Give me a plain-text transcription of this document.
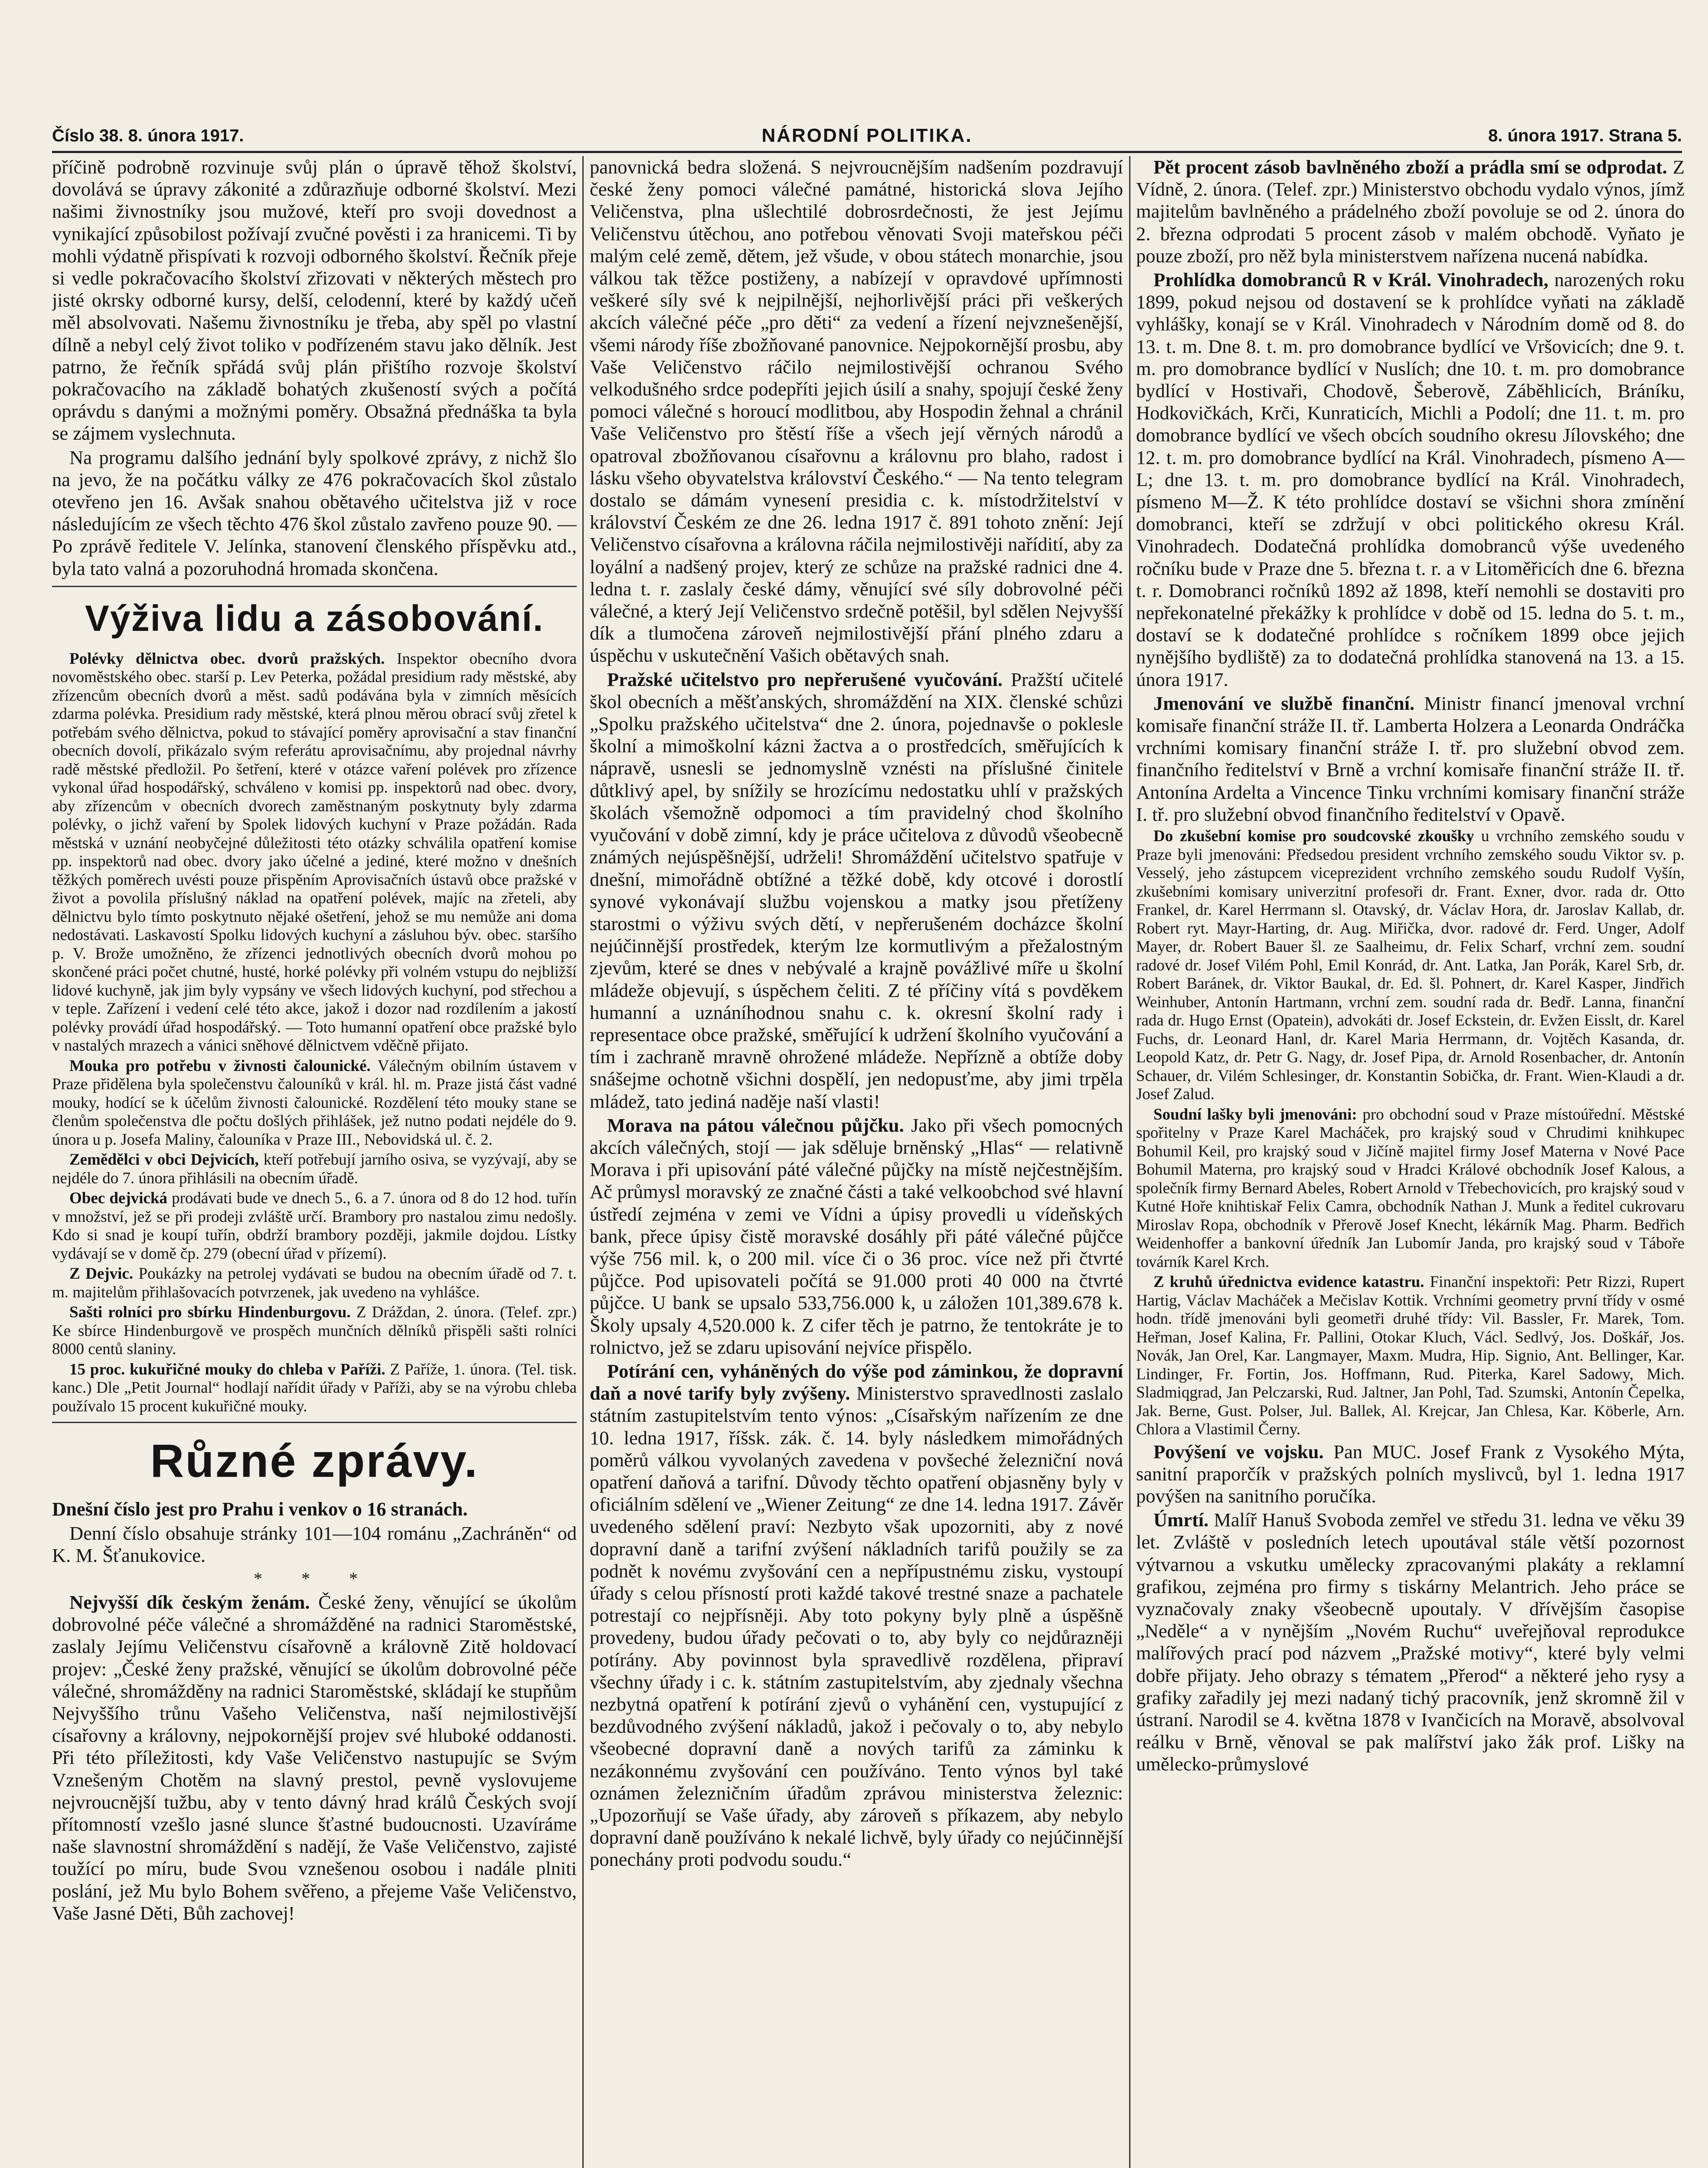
Číslo 38. 8. února 1917.	NÁRODNÍ POLITIKA.	8. února 1917. Strana 5.

příčině podrobně rozvinuje svůj plán o úpravě těhož školství, dovolává se úpravy zákonité a zdůrazňuje odborné školství. Mezi našimi živnostníky jsou mužové, kteří pro svoji dovednost a vynikající způsobilost požívají zvučné pověsti i za hranicemi. Ti by mohli výdatně přispívati k rozvoji odborného školství. Řečník přeje si vedle pokračovacího školství zřizovati v některých městech pro jisté okrsky odborné kursy, delší, celodenní, které by každý učeň měl absolvovati. Našemu živnostníku je třeba, aby spěl po vlastní dílně a nebyl celý život toliko v podřízeném stavu jako dělník. Jest patrno, že řečník spřádá svůj plán přištího rozvoje školství pokračovacího na základě bohatých zkušeností svých a počítá oprávdu s danými a možnými poměry. Obsažná přednáška ta byla se zájmem vyslechnuta.

Na programu dalšího jednání byly spolkové zprávy, z nichž šlo na jevo, že na počátku války ze 476 pokračovacích škol zůstalo otevřeno jen 16. Avšak snahou obětavého učitelstva již v roce následujícím ze všech těchto 476 škol zůstalo zavřeno pouze 90. — Po zprávě ředitele V. Jelínka, stanovení členského příspěvku atd., byla tato valná a pozoruhodná hromada skončena.

Výživa lidu a zásobování.

Polévky dělnictva obec. dvorů pražských. Inspektor obecního dvora novoměstského obec. starší p. Lev Peterka, požádal presidium rady městské, aby zřízencům obecních dvorů a měst. sadů podávána byla v zimních měsících zdarma polévka. Presidium rady městské, která plnou měrou obrací svůj zřetel k potřebám svého dělnictva, pokud to stávající poměry aprovisační a stav finanční obecních dovolí, přikázalo svým referátu aprovisačnímu, aby projednal návrhy radě městské předložil. Po šetření, které v otázce vaření polévek pro zřízence vykonal úřad hospodářský, schváleno v komisi pp. inspektorů nad obec. dvory, aby zřízencům v obecních dvorech zaměstnaným poskytnuty byly zdarma polévky, o jichž vaření by Spolek lidových kuchyní v Praze požádán. Rada městská v uznání neobyčejné důležitosti této otázky schválila opatření komise pp. inspektorů nad obec. dvory jako účelné a jediné, které možno v dnešních těžkých poměrech uvésti pouze přispěním Aprovisačních ústavů obce pražské v život a povolila příslušný náklad na opatření polévek, majíc na zřeteli, aby dělnictvu bylo tímto poskytnuto nějaké ošetření, jehož se mu nemůže ani doma nedostávati. Laskavostí Spolku lidových kuchyní a zásluhou býv. obec. staršího p. V. Brože umožněno, že zřízenci jednotlivých obecních dvorů mohou po skončené práci počet chutné, husté, horké polévky při volném vstupu do nejbližší lidové kuchyně, jak jim byly vypsány ve všech lidových kuchyní, pod střechou a v teple. Zařízení i vedení celé této akce, jakož i dozor nad rozdílením a jakostí polévky provádí úřad hospodářský. — Toto humanní opatření obce pražské bylo v nastalých mrazech a vánici sněhové dělnictvem vděčně přijato.

Mouka pro potřebu v živnosti čalounické. Válečným obilním ústavem v Praze přidělena byla společenstvu čalouníků v král. hl. m. Praze jistá část vadné mouky, hodící se k účelům živnosti čalounické. Rozdělení této mouky stane se členům společenstva dle počtu došlých přihlášek, jež nutno podati nejdéle do 9. února u p. Josefa Maliny, čalouníka v Praze III., Nebovidská ul. č. 2.

Zemědělci v obci Dejvicích, kteří potřebují jarního osiva, se vyzývají, aby se nejdéle do 7. února přihlásili na obecním úřadě.

Obec dejvická prodávati bude ve dnech 5., 6. a 7. února od 8 do 12 hod. tuřín v množství, jež se při prodeji zvláště určí. Brambory pro nastalou zimu nedošly. Kdo si snad je koupí tuřín, obdrží brambory později, jakmile dojdou. Lístky vydávají se v domě čp. 279 (obecní úřad v přízemí).

Z Dejvic. Poukázky na petrolej vydávati se budou na obecním úřadě od 7. t. m. majitelům přihlašovacích potvrzenek, jak uvedeno na vyhlášce.

Sašti rolníci pro sbírku Hindenburgovu. Z Dráždan, 2. února. (Telef. zpr.) Ke sbírce Hindenburgově ve prospěch munčních dělníků přispěli sašti rolníci 8000 centů slaniny.

15 proc. kukuřičné mouky do chleba v Paříži. Z Paříže, 1. února. (Tel. tisk. kanc.) Dle „Petit Journal“ hodlají nařídit úřady v Paříži, aby se na výrobu chleba používalo 15 procent kukuřičné mouky.

Různé zprávy.

Dnešní číslo jest pro Prahu i venkov o 16 stranách.

Denní číslo obsahuje stránky 101—104 románu „Zachráněn“ od K. M. Šťanukovice.

* * *

Nejvyšší dík českým ženám. České ženy, věnující se úkolům dobrovolné péče válečné a shromážděné na radnici Staroměstské, zaslaly Jejímu Veličenstvu císařovně a královně Zitě holdovací projev: „České ženy pražské, věnující se úkolům dobrovolné péče válečné, shromážděny na radnici Staroměstské, skládají ke stupňům Nejvyššího trůnu Vašeho Veličenstva, naší nejmilostivější císařovny a královny, nejpokornější projev své hluboké oddanosti. Při této příležitosti, kdy Vaše Veličenstvo nastupujíc se Svým Vznešeným Chotěm na slavný prestol, pevně vyslovujeme nejvroucnější tužbu, aby v tento dávný hrad králů Českých svojí přítomností vzešlo jasné slunce šťastné budoucnosti. Uzavíráme naše slavnostní shromáždění s nadějí, že Vaše Veličenstvo, zajisté toužící po míru, bude Svou vznešenou osobou i nadále plniti poslání, jež Mu bylo Bohem svěřeno, a přejeme Vaše Veličenstvo, Vaše Jasné Děti, Bůh zachovej!

panovnická bedra složená. S nejvroucnějším nadšením pozdravují české ženy pomoci válečné památné, historická slova Jejího Veličenstva, plna ušlechtilé dobrosrdečnosti, že jest Jejímu Veličenstvu útěchou, ano potřebou věnovati Svoji mateřskou péči malým celé země, dětem, jež všude, v obou státech monarchie, jsou válkou tak těžce postiženy, a nabízejí v opravdové upřímnosti veškeré síly své k nejpilnější, nejhorlivější práci při veškerých akcích válečné péče „pro děti“ za vedení a řízení nejvznešenější, všemi národy říše zbožňované panovnice. Nejpokornější prosbu, aby Vaše Veličenstvo ráčilo nejmilostivější ochranou Svého velkodušného srdce podepříti jejich úsilí a snahy, spojují české ženy pomoci válečné s horoucí modlitbou, aby Hospodin žehnal a chránil Vaše Veličenstvo pro štěstí říše a všech její věrných národů a opatroval zbožňovanou císařovnu a královnu pro blaho, radost i lásku všeho obyvatelstva království Českého.“ — Na tento telegram dostalo se dámám vynesení presidia c. k. místodržitelství v království Českém ze dne 26. ledna 1917 č. 891 tohoto znění: Její Veličenstvo císařovna a královna ráčila nejmilostivěji nařídití, aby za loyální a nadšený projev, který ze schůze na pražské radnici dne 4. ledna t. r. zaslaly české dámy, věnující své síly dobrovolné péči válečné, a který Její Veličenstvo srdečně potěšil, byl sdělen Nejvyšší dík a tlumočena zároveň nejmilostivější přání plného zdaru a úspěchu v uskutečnění Vašich obětavých snah.

Pražské učitelstvo pro nepřerušené vyučování. Pražští učitelé škol obecních a měšťanských, shromáždění na XIX. členské schůzi „Spolku pražského učitelstva“ dne 2. února, pojednavše o poklesle školní a mimoškolní kázni žactva a o prostředcích, směřujících k nápravě, usnesli se jednomyslně vznésti na příslušné činitele důtklivý apel, by snížily se hrozícímu nedostatku uhlí v pražských školách všemožně odpomoci a tím pravidelný chod školního vyučování v době zimní, kdy je práce učitelova z důvodů všeobecně známých nejúspěšnější, udrželi! Shromáždění učitelstvo spatřuje v dnešní, mimořádně obtížné a těžké době, kdy otcové i dorostlí synové vykonávají službu vojenskou a matky jsou přetíženy starostmi o výživu svých dětí, v nepřerušeném docházce školní nejúčinnější prostředek, kterým lze kormutlivým a přežalostným zjevům, které se dnes v nebývalé a krajně povážlivé míře u školní mládeže objevují, s úspěchem čeliti. Z té příčiny vítá s povděkem humanní a uznáníhodnou snahu c. k. okresní školní rady i representace obce pražské, směřující k udržení školního vyučování a tím i zachraně mravně ohrožené mládeže. Nepřízně a obtíže doby snášejme ochotně všichni dospělí, jen nedopusťme, aby jimi trpěla mládež, tato jediná naděje naší vlasti!

Morava na pátou válečnou půjčku. Jako při všech pomocných akcích válečných, stojí — jak sděluje brněnský „Hlas“ — relativně Morava i při upisování páté válečné půjčky na místě nejčestnějším. Ač průmysl moravský ze značné části a také velkoobchod své hlavní ústředí zejména v zemi ve Vídni a úpisy provedli u vídeňských bank, přece úpisy čistě moravské dosáhly při páté válečné půjčce výše 756 mil. k, o 200 mil. více či o 36 proc. více než při čtvrté půjčce. Pod upisovateli počítá se 91.000 proti 40 000 na čtvrté půjčce. U bank se upsalo 533,756.000 k, u záložen 101,389.678 k. Školy upsaly 4,520.000 k. Z cifer těch je patrno, že tentokráte je to rolnictvo, jež se zdaru upisování nejvíce přispělo.

Potírání cen, vyháněných do výše pod záminkou, že dopravní daň a nové tarify byly zvýšeny. Ministerstvo spravedlnosti zaslalo státním zastupitelstvím tento výnos: „Císařským nařízením ze dne 10. ledna 1917, říšsk. zák. č. 14. byly následkem mimořádných poměrů válkou vyvolaných zavedena v povšeché železniční nová opatření daňová a tarifní. Důvody těchto opatření objasněny byly v oficiálním sdělení ve „Wiener Zeitung“ ze dne 14. ledna 1917. Závěr uvedeného sdělení praví: Nezbyto však upozorniti, aby z nové dopravní daně a tarifní zvýšení nákladních tarifů použily se za podnět k novému zvyšování cen a nepřípustnému zisku, vystoupí úřady s celou přísností proti každé takové trestné snaze a pachatele potrestají co nejpřísněji. Aby toto pokyny byly plně a úspěšně provedeny, budou úřady pečovati o to, aby byly co nejdůrazněji potírány. Aby povinnost byla spravedlivě rozdělena, připraví všechny úřady i c. k. státním zastupitelstvím, aby zjednaly všechna nezbytná opatření k potírání zjevů o vyhánění cen, vystupující z bezdůvodného zvýšení nákladů, jakož i pečovaly o to, aby nebylo všeobecné dopravní daně a nových tarifů za záminku k nezákonnému zvyšování cen používáno. Tento výnos byl také oznámen železničním úřadům zprávou ministerstva železnic: „Upozorňují se Vaše úřady, aby zároveň s příkazem, aby nebylo dopravní daně používáno k nekalé lichvě, byly úřady co nejúčinnější ponechány proti podvodu soudu.“

Pět procent zásob bavlněného zboží a prádla smí se odprodat. Z Vídně, 2. února. (Telef. zpr.) Ministerstvo obchodu vydalo výnos, jímž majitelům bavlněného a prádelného zboží povoluje se od 2. února do 2. března odprodati 5 procent zásob v malém obchodě. Vyňato je pouze zboží, pro něž byla ministerstvem nařízena nucená nabídka.

Prohlídka domobranců R v Král. Vinohradech, narozených roku 1899, pokud nejsou od dostavení se k prohlídce vyňati na základě vyhlášky, konají se v Král. Vinohradech v Národním domě od 8. do 13. t. m. Dne 8. t. m. pro domobrance bydlící ve Vršovicích; dne 9. t. m. pro domobrance bydlící v Nuslích; dne 10. t. m. pro domobrance bydlící v Hostivaři, Chodově, Šeberově, Záběhlicích, Bráníku, Hodkovičkách, Krči, Kunraticích, Michli a Podolí; dne 11. t. m. pro domobrance bydlící ve všech obcích soudního okresu Jílovského; dne 12. t. m. pro domobrance bydlící na Král. Vinohradech, písmeno A—L; dne 13. t. m. pro domobrance bydlící na Král. Vinohradech, písmeno M—Ž. K této prohlídce dostaví se všichni shora zmínění domobranci, kteří se zdržují v obci politického okresu Král. Vinohradech. Dodatečná prohlídka domobranců výše uvedeného ročníku bude v Praze dne 5. března t. r. a v Litoměřicích dne 6. března t. r. Domobranci ročníků 1892 až 1898, kteří nemohli se dostaviti pro nepřekonatelné překážky k prohlídce v době od 15. ledna do 5. t. m., dostaví se k dodatečné prohlídce s ročníkem 1899 obce jejich nynějšího bydliště) za to dodatečná prohlídka stanovená na 13. a 15. února 1917.

Jmenování ve službě finanční. Ministr financí jmenoval vrchní komisaře finanční stráže II. tř. Lamberta Holzera a Leonarda Ondráčka vrchními komisary finanční stráže I. tř. pro služební obvod zem. finančního ředitelství v Brně a vrchní komisaře finanční stráže II. tř. Antonína Ardelta a Vincence Tinku vrchními komisary finanční stráže I. tř. pro služební obvod finančního ředitelství v Opavě.

Do zkušební komise pro soudcovské zkoušky u vrchního zemského soudu v Praze byli jmenováni: Předsedou president vrchního zemského soudu Viktor sv. p. Vesselý, jeho zástupcem viceprezident vrchního zemského soudu Rudolf Vyšín, zkušebními komisary univerzitní profesoři dr. Frant. Exner, dvor. rada dr. Otto Frankel, dr. Karel Herrmann sl. Otavský, dr. Václav Hora, dr. Jaroslav Kallab, dr. Robert ryt. Mayr-Harting, dr. Aug. Miřička, dvor. radové dr. Ferd. Unger, Adolf Mayer, dr. Robert Bauer šl. ze Saalheimu, dr. Felix Scharf, vrchní zem. soudní radové dr. Josef Vilém Pohl, Emil Konrád, dr. Ant. Latka, Jan Porák, Karel Srb, dr. Robert Baránek, dr. Viktor Baukal, dr. Ed. šl. Pohnert, dr. Karel Kasper, Jindřich Weinhuber, Antonín Hartmann, vrchní zem. soudní rada dr. Bedř. Lanna, finanční rada dr. Hugo Ernst (Opatein), advokáti dr. Josef Eckstein, dr. Evžen Eisslt, dr. Karel Fuchs, dr. Leonard Hanl, dr. Karel Maria Herrmann, dr. Vojtěch Kasanda, dr. Leopold Katz, dr. Petr G. Nagy, dr. Josef Pipa, dr. Arnold Rosenbacher, dr. Antonín Schauer, dr. Vilém Schlesinger, dr. Konstantin Sobička, dr. Frant. Wien-Klaudi a dr. Josef Zalud.

Soudní lašky byli jmenováni: pro obchodní soud v Praze místoúřední. Městské spořitelny v Praze Karel Macháček, pro krajský soud v Chrudimi knihkupec Bohumil Keil, pro krajský soud v Jičíně majitel firmy Josef Materna v Nové Pace Bohumil Materna, pro krajský soud v Hradci Králové obchodník Josef Kalous, a společník firmy Bernard Abeles, Robert Arnold v Třebechovicích, pro krajský soud v Kutné Hoře knihtiskař Felix Camra, obchodník Nathan J. Munk a ředitel cukrovaru Miroslav Ropa, obchodník v Přerově Josef Knecht, lékárník Mag. Pharm. Bedřich Weidenhoffer a bankovní úředník Jan Lubomír Janda, pro krajský soud v Táboře továrník Karel Krch.

Z kruhů úřednictva evidence katastru. Finanční inspektoři: Petr Rizzi, Rupert Hartig, Václav Macháček a Mečislav Kottik. Vrchními geometry první třídy v osmé hodn. třídě jmenováni byli geometři druhé třídy: Vil. Bassler, Fr. Marek, Tom. Heřman, Josef Kalina, Fr. Pallini, Otokar Kluch, Václ. Sedlvý, Jos. Doškář, Jos. Novák, Jan Orel, Kar. Langmayer, Maxm. Mudra, Hip. Signio, Ant. Bellinger, Kar. Lindinger, Fr. Fortin, Jos. Hoffmann, Rud. Piterka, Karel Sadowy, Mich. Sladmiqgrad, Jan Pelczarski, Rud. Jaltner, Jan Pohl, Tad. Szumski, Antonín Čepelka, Jak. Berne, Gust. Polser, Jul. Ballek, Al. Krejcar, Jan Chlesa, Kar. Köberle, Arn. Chlora a Vlastimil Černy.

Povýšení ve vojsku. Pan MUC. Josef Frank z Vysokého Mýta, sanitní praporčík v pražských polních myslivců, byl 1. ledna 1917 povýšen na sanitního poručíka.

Úmrtí. Malíř Hanuš Svoboda zemřel ve středu 31. ledna ve věku 39 let. Zvláště v posledních letech upoutával stále větší pozornost výtvarnou a vskutku umělecky zpracovanými plakáty a reklamní grafikou, zejména pro firmy s tiskárny Melantrich. Jeho práce se vyznačovaly znaky všeobecně upoutaly. V dřívějším časopise „Neděle“ a v nynějším „Novém Ruchu“ uveřejňoval reprodukce malířových prací pod názvem „Pražské motivy“, které byly velmi dobře přijaty. Jeho obrazy s tématem „Přerod“ a některé jeho rysy a grafiky zařadily jej mezi nadaný tichý pracovník, jenž skromně žil v ústraní. Narodil se 4. května 1878 v Ivančicích na Moravě, absolvoval reálku v Brně, věnoval se pak malířství jako žák prof. Lišky na umělecko-průmyslové
